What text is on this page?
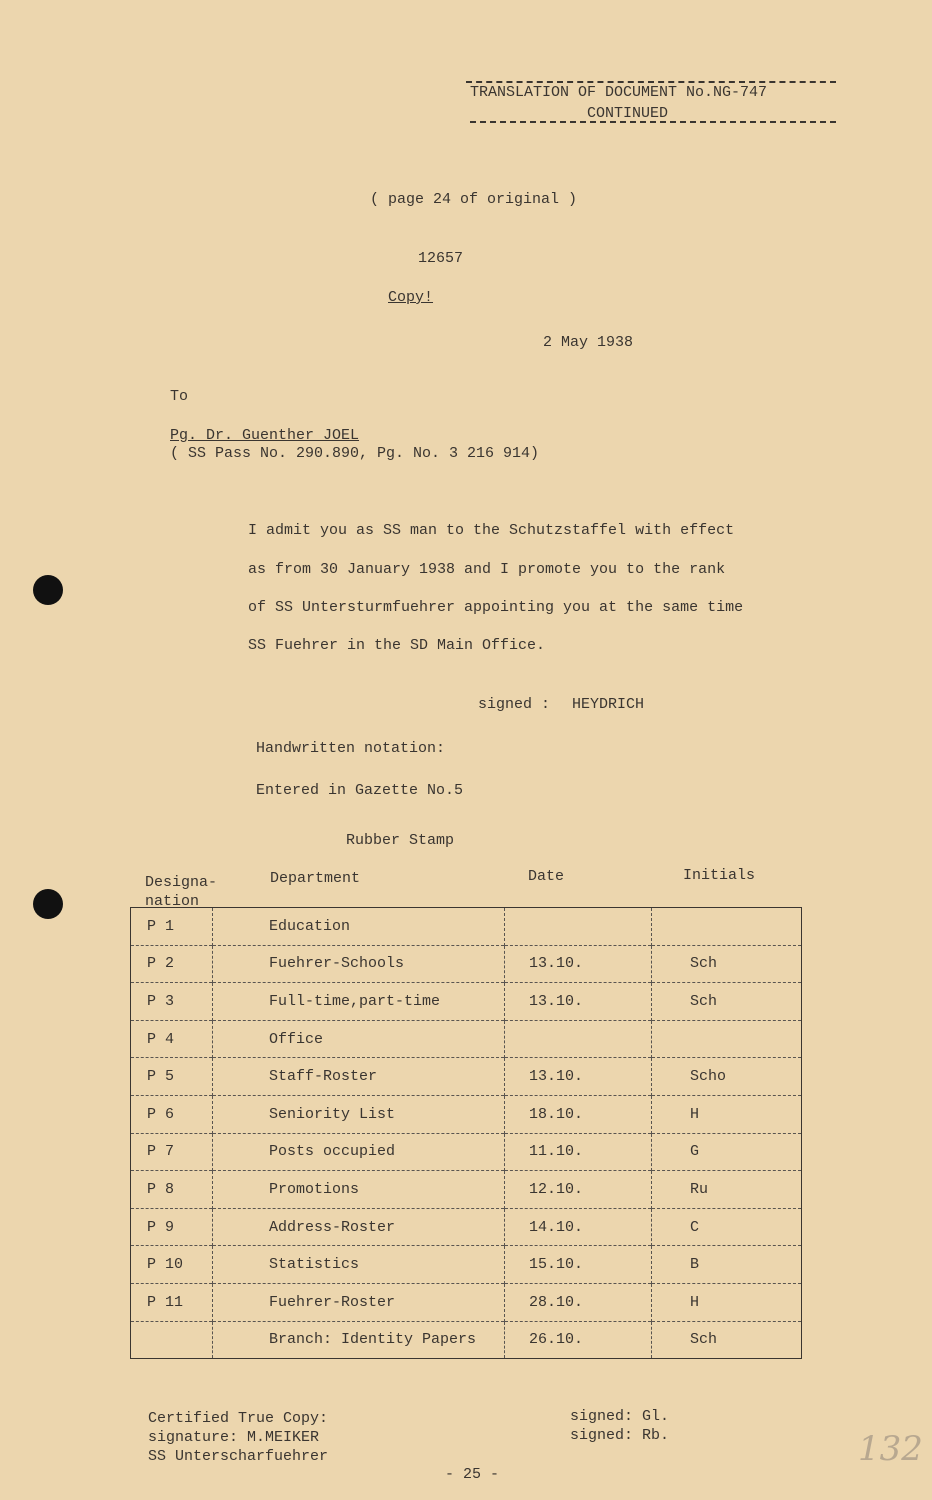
TRANSLATION OF DOCUMENT No.NG-747
CONTINUED
( page 24 of original )
12657
Copy!
2 May 1938
To
Pg. Dr. Guenther JOEL
( SS Pass No. 290.890, Pg. No. 3 216 914)
I admit you as SS man to the Schutzstaffel with effect
as from 30 January 1938 and I promote you to the rank
of SS Untersturmfuehrer appointing you at the same time
SS Fuehrer in the SD Main Office.
signed : HEYDRICH
Handwritten notation:
Entered in Gazette No.5
Rubber Stamp
Designa-
nation
Department	Date	Initials
P 1	Education		
P 2	Fuehrer-Schools	13.10.	Sch
P 3	Full-time,part-time	13.10.	Sch
P 4	Office		
P 5	Staff-Roster	13.10.	Scho
P 6	Seniority List	18.10.	H
P 7	Posts occupied	11.10.	G
P 8	Promotions	12.10.	Ru
P 9	Address-Roster	14.10.	C
P 10	Statistics	15.10.	B
P 11	Fuehrer-Roster	28.10.	H
	Branch: Identity Papers	26.10.	Sch
Certified True Copy:
signature: M.MEIKER
SS Unterscharfuehrer
signed: Gl.
signed: Rb.
- 25 -
132
